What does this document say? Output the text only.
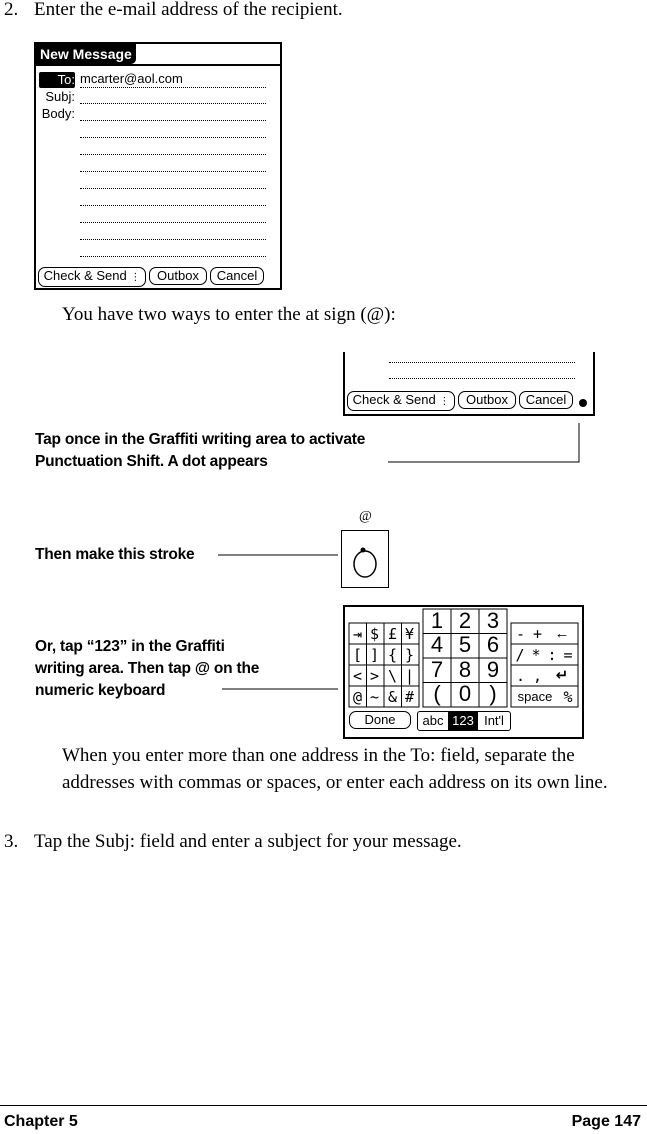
2. Enter the e-mail address of the recipient.
New Message
To: mcarter@aol.com
Subj:
Body:
Check & Send ⋮	Outbox	Cancel
You have two ways to enter the at sign (@):
Check & Send ⋮	Outbox	Cancel
Tap once in the Graffiti writing area to activate Punctuation Shift. A dot appears
@
Then make this stroke
Or, tap “123” in the Graffiti writing area. Then tap @ on the numeric keyboard
⇥ $ £ ¥
[ ] { }
< > \ |
@ ~ & #
1 2 3
4 5 6
7 8 9
( 0 )
- + ←
/ * : =
. , ↵
space %
Done	abc 123 Int'l
When you enter more than one address in the To: field, separate the addresses with commas or spaces, or enter each address on its own line.
3. Tap the Subj: field and enter a subject for your message.
Chapter 5	Page 147
